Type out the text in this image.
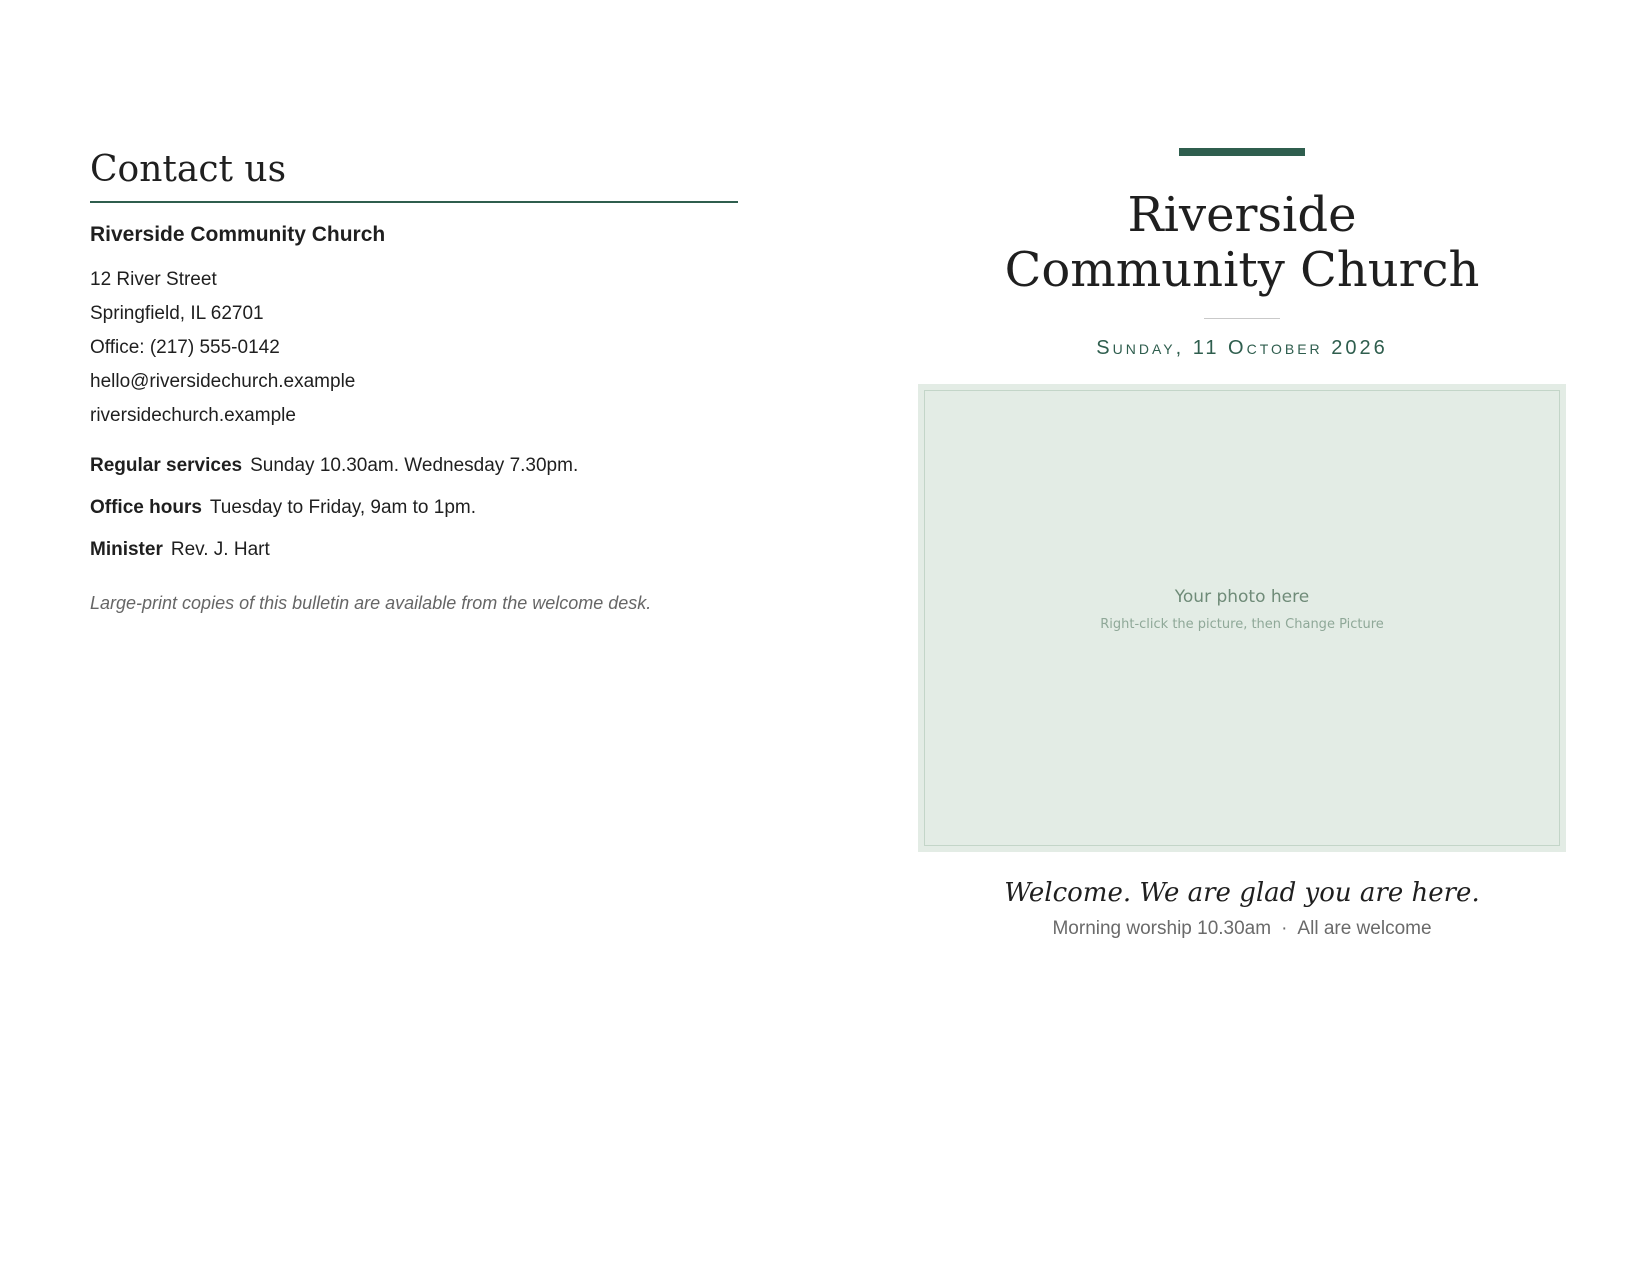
Contact us
Riverside Community Church
12 River Street
Springfield, IL 62701
Office: (217) 555-0142
hello@riversidechurch.example
riversidechurch.example
Regular services Sunday 10.30am. Wednesday 7.30pm.
Office hours Tuesday to Friday, 9am to 1pm.
Minister Rev. J. Hart
Large-print copies of this bulletin are available from the welcome desk.
Riverside
Community Church
Sunday, 11 October 2026
Your photo here
Right-click the picture, then Change Picture
Welcome. We are glad you are here.
Morning worship 10.30am · All are welcome
